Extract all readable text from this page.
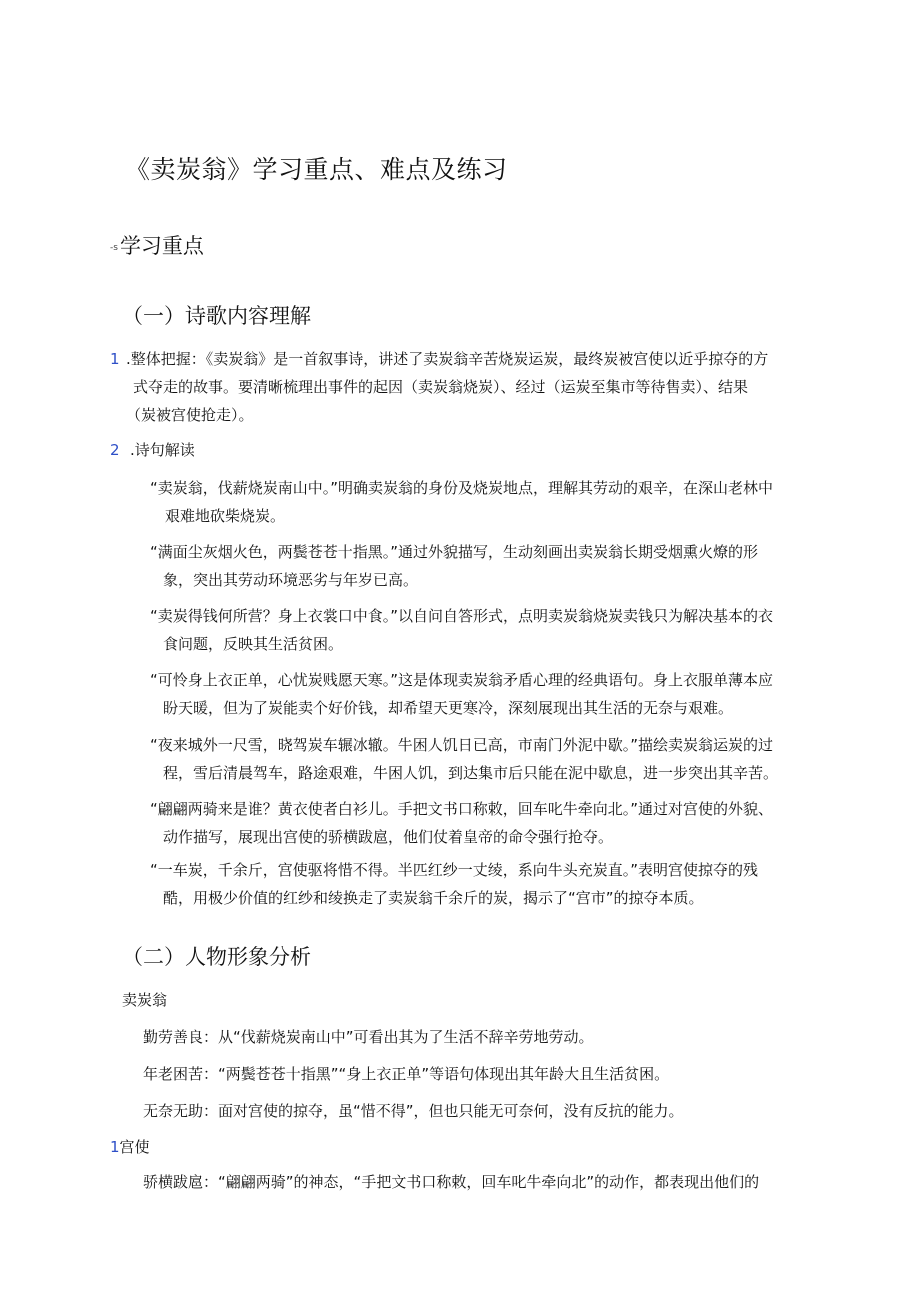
《卖炭翁》学习重点、难点及练习
-s学习重点
（一）诗歌内容理解
1 .整体把握：《卖炭翁》是一首叙事诗，讲述了卖炭翁辛苦烧炭运炭，最终炭被宫使以近乎掠夺的方
式夺走的故事。要清晰梳理出事件的起因（卖炭翁烧炭）、经过（运炭至集市等待售卖）、结果
（炭被宫使抢走）。
2 .诗句解读
“卖炭翁，伐薪烧炭南山中。”明确卖炭翁的身份及烧炭地点，理解其劳动的艰辛，在深山老林中
艰难地砍柴烧炭。
“满面尘灰烟火色，两鬓苍苍十指黑。”通过外貌描写，生动刻画出卖炭翁长期受烟熏火燎的形
象，突出其劳动环境恶劣与年岁已高。
“卖炭得钱何所营？身上衣裳口中食。”以自问自答形式，点明卖炭翁烧炭卖钱只为解决基本的衣
食问题，反映其生活贫困。
“可怜身上衣正单，心忧炭贱愿天寒。”这是体现卖炭翁矛盾心理的经典语句。身上衣服单薄本应
盼天暖，但为了炭能卖个好价钱，却希望天更寒冷，深刻展现出其生活的无奈与艰难。
“夜来城外一尺雪，晓驾炭车辗冰辙。牛困人饥日已高，市南门外泥中歇。”描绘卖炭翁运炭的过
程，雪后清晨驾车，路途艰难，牛困人饥，到达集市后只能在泥中歇息，进一步突出其辛苦。
“翩翩两骑来是谁？黄衣使者白衫儿。手把文书口称敕，回车叱牛牵向北。”通过对宫使的外貌、
动作描写，展现出宫使的骄横跋扈，他们仗着皇帝的命令强行抢夺。
“一车炭，千余斤，宫使驱将惜不得。半匹红纱一丈绫，系向牛头充炭直。”表明宫使掠夺的残
酷，用极少价值的红纱和绫换走了卖炭翁千余斤的炭，揭示了“宫市”的掠夺本质。
（二）人物形象分析
卖炭翁
勤劳善良：从“伐薪烧炭南山中”可看出其为了生活不辞辛劳地劳动。
年老困苦：“两鬓苍苍十指黑”“身上衣正单”等语句体现出其年龄大且生活贫困。
无奈无助：面对宫使的掠夺，虽“惜不得”，但也只能无可奈何，没有反抗的能力。
1宫使
骄横跋扈：“翩翩两骑”的神态，“手把文书口称敕，回车叱牛牵向北”的动作，都表现出他们的
